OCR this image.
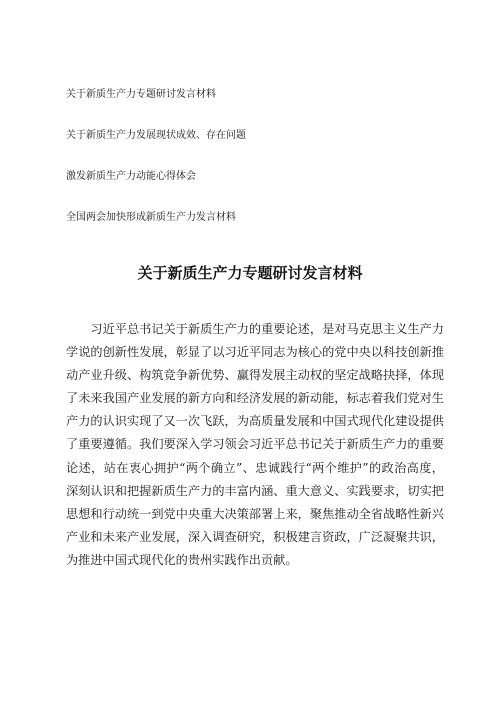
关于新质生产力专题研讨发言材料
关于新质生产力发展现状成效、存在问题
激发新质生产力动能心得体会
全国两会加快形成新质生产力发言材料
关于新质生产力专题研讨发言材料

习近平总书记关于新质生产力的重要论述，是对马克思主义生产力学说的创新性发展，彰显了以习近平同志为核心的党中央以科技创新推动产业升级、构筑竞争新优势、赢得发展主动权的坚定战略抉择，体现了未来我国产业发展的新方向和经济发展的新动能，标志着我们党对生产力的认识实现了又一次飞跃，为高质量发展和中国式现代化建设提供了重要遵循。我们要深入学习领会习近平总书记关于新质生产力的重要论述，站在衷心拥护“两个确立”、忠诚践行“两个维护”的政治高度，深刻认识和把握新质生产力的丰富内涵、重大意义、实践要求，切实把思想和行动统一到党中央重大决策部署上来，聚焦推动全省战略性新兴产业和未来产业发展，深入调查研究，积极建言资政，广泛凝聚共识，为推进中国式现代化的贵州实践作出贡献。
